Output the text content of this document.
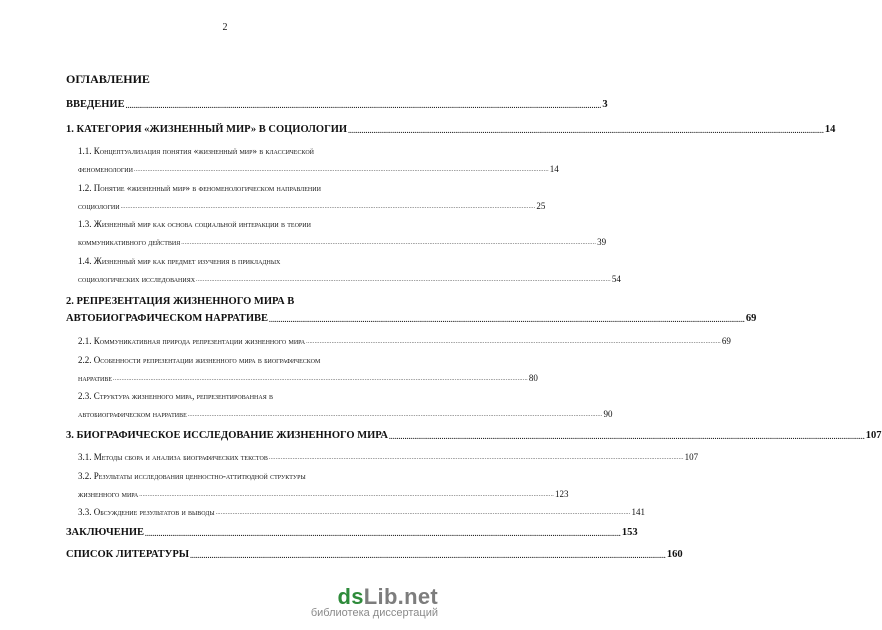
2
ОГЛАВЛЕНИЕ
ВВЕДЕНИЕ .................................................................................................................................................................................................................................................... 3
1. КАТЕГОРИЯ «ЖИЗНЕННЫЙ МИР» В СОЦИОЛОГИИ .................................................................................................................................................................................................................................................... 14
1.1. Концептуализация понятия «жизненный мир» в классической
феноменологии .................................................................................................................................................................................................................................................... 14
1.2. Понятие «жизненный мир» в феноменологическом направлении
социологии .................................................................................................................................................................................................................................................... 25
1.3. Жизненный мир как основа социальной интеракции в теории
коммуникативного действия .................................................................................................................................................................................................................................................... 39
1.4. Жизненный мир как предмет изучения в прикладных
социологических исследованиях .................................................................................................................................................................................................................................................... 54
2. РЕПРЕЗЕНТАЦИЯ ЖИЗНЕННОГО МИРА В
АВТОБИОГРАФИЧЕСКОМ НАРРАТИВЕ .................................................................................................................................................................................................................................................... 69
2.1. Коммуникативная природа репрезентации жизненного мира .................................................................................................................................................................................................................................................... 69
2.2. Особенности репрезентации жизненного мира в биографическом
нарративе .................................................................................................................................................................................................................................................... 80
2.3. Структура жизненного мира, репрезентированная в
автобиографическом нарративе .................................................................................................................................................................................................................................................... 90
3. БИОГРАФИЧЕСКОЕ ИССЛЕДОВАНИЕ ЖИЗНЕННОГО МИРА .................................................................................................................................................................................................................................................... 107
3.1. Методы сбора и анализа биографических текстов .................................................................................................................................................................................................................................................... 107
3.2. Результаты исследования ценностно-аттитюдной структуры
жизненного мира .................................................................................................................................................................................................................................................... 123
3.3. Обсуждение результатов и выводы .................................................................................................................................................................................................................................................... 141
ЗАКЛЮЧЕНИЕ .................................................................................................................................................................................................................................................... 153
СПИСОК ЛИТЕРАТУРЫ .................................................................................................................................................................................................................................................... 160
dsLib.net
библиотека диссертаций
